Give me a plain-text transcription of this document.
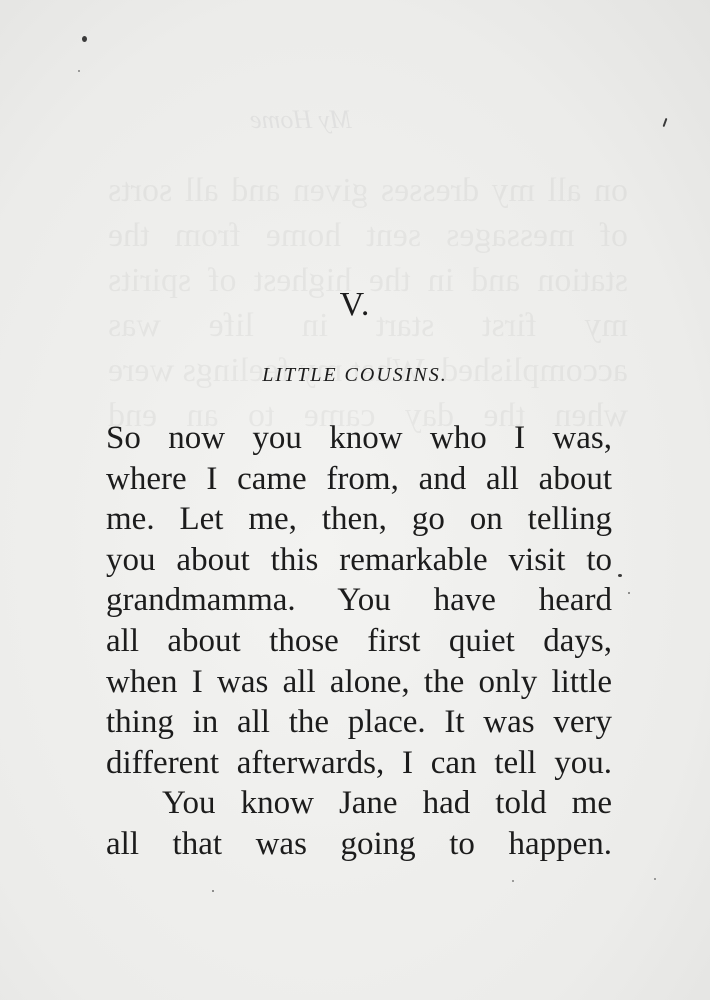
My Home
V.
LITTLE COUSINS.
So now you know who I was,
where I came from, and all about
me. Let me, then, go on telling
you about this remarkable visit to
grandmamma. You have heard
all about those first quiet days,
when I was all alone, the only little
thing in all the place. It was very
different afterwards, I can tell you.
You know Jane had told me
all that was going to happen.
